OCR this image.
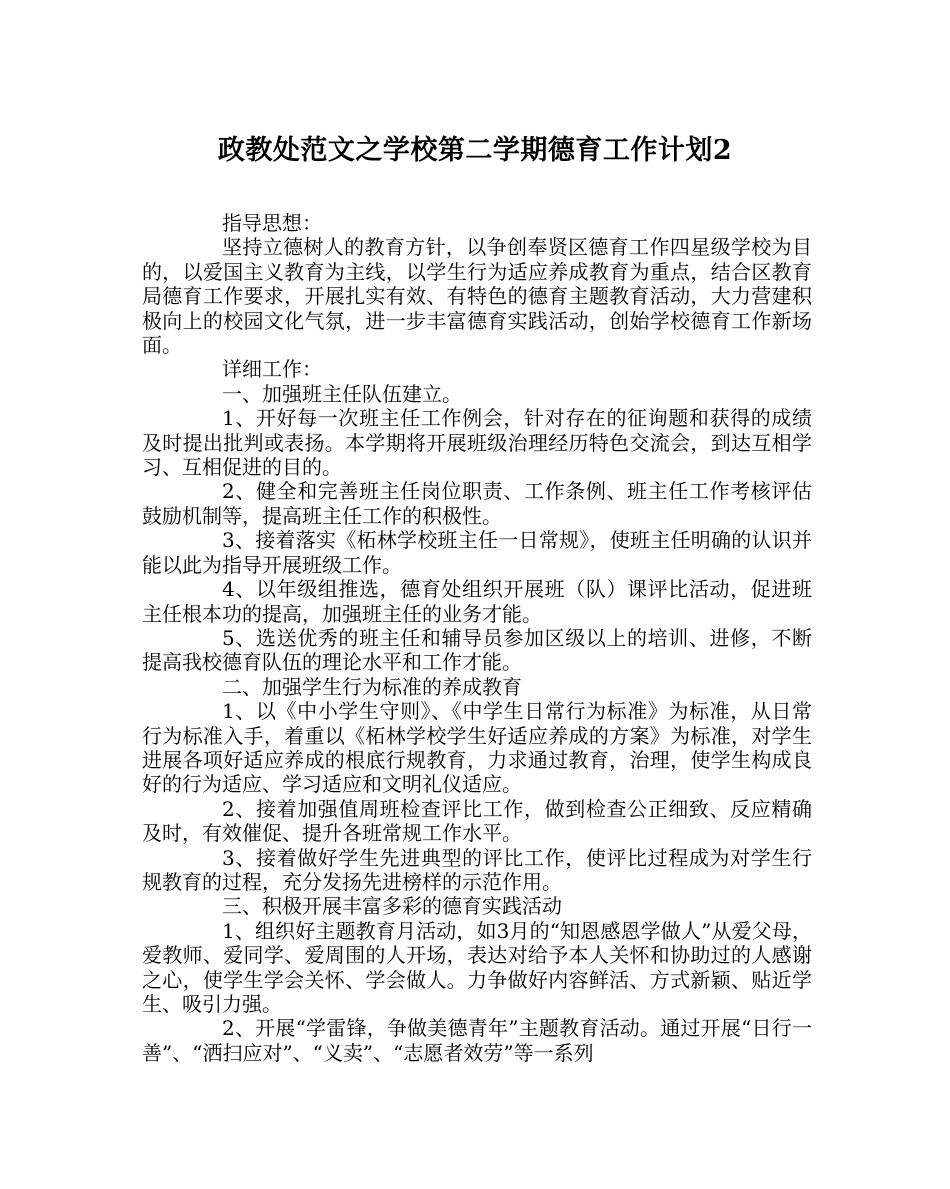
政教处范文之学校第二学期德育工作计划2

指导思想：

坚持立德树人的教育方针，以争创奉贤区德育工作四星级学校为目的，以爱国主义教育为主线，以学生行为适应养成教育为重点，结合区教育局德育工作要求，开展扎实有效、有特色的德育主题教育活动，大力营建积极向上的校园文化气氛，进一步丰富德育实践活动，创始学校德育工作新场面。

详细工作：

一、加强班主任队伍建立。

1、开好每一次班主任工作例会，针对存在的征询题和获得的成绩及时提出批判或表扬。本学期将开展班级治理经历特色交流会，到达互相学习、互相促进的目的。

2、健全和完善班主任岗位职责、工作条例、班主任工作考核评估鼓励机制等，提高班主任工作的积极性。

3、接着落实《柘林学校班主任一日常规》，使班主任明确的认识并能以此为指导开展班级工作。

4、以年级组推选，德育处组织开展班（队）课评比活动，促进班主任根本功的提高，加强班主任的业务才能。

5、选送优秀的班主任和辅导员参加区级以上的培训、进修，不断提高我校德育队伍的理论水平和工作才能。

二、加强学生行为标准的养成教育

1、以《中小学生守则》、《中学生日常行为标准》为标准，从日常行为标准入手，着重以《柘林学校学生好适应养成的方案》为标准，对学生进展各项好适应养成的根底行规教育，力求通过教育，治理，使学生构成良好的行为适应、学习适应和文明礼仪适应。

2、接着加强值周班检查评比工作，做到检查公正细致、反应精确及时，有效催促、提升各班常规工作水平。

3、接着做好学生先进典型的评比工作，使评比过程成为对学生行规教育的过程，充分发扬先进榜样的示范作用。

三、积极开展丰富多彩的德育实践活动

1、组织好主题教育月活动，如3月的“知恩感恩学做人”从爱父母，爱教师、爱同学、爱周围的人开场，表达对给予本人关怀和协助过的人感谢之心，使学生学会关怀、学会做人。力争做好内容鲜活、方式新颖、贴近学生、吸引力强。

2、开展“学雷锋，争做美德青年”主题教育活动。通过开展“日行一善”、“洒扫应对”、“义卖”、“志愿者效劳”等一系列
